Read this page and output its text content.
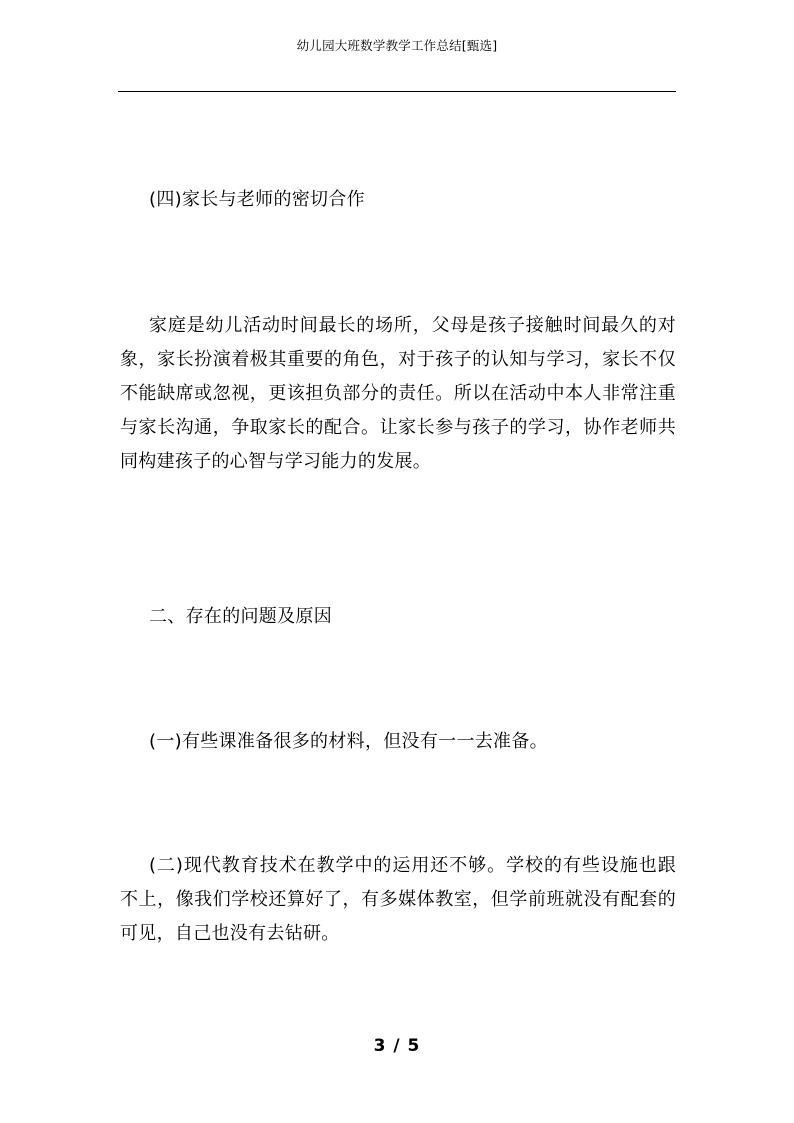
幼儿园大班数学教学工作总结[甄选]

(四)家长与老师的密切合作

家庭是幼儿活动时间最长的场所，父母是孩子接触时间最久的对象，家长扮演着极其重要的角色，对于孩子的认知与学习，家长不仅不能缺席或忽视，更该担负部分的责任。所以在活动中本人非常注重与家长沟通，争取家长的配合。让家长参与孩子的学习，协作老师共同构建孩子的心智与学习能力的发展。

二、存在的问题及原因

(一)有些课准备很多的材料，但没有一一去准备。

(二)现代教育技术在教学中的运用还不够。学校的有些设施也跟不上，像我们学校还算好了，有多媒体教室，但学前班就没有配套的可见，自己也没有去钻研。

3 / 5
